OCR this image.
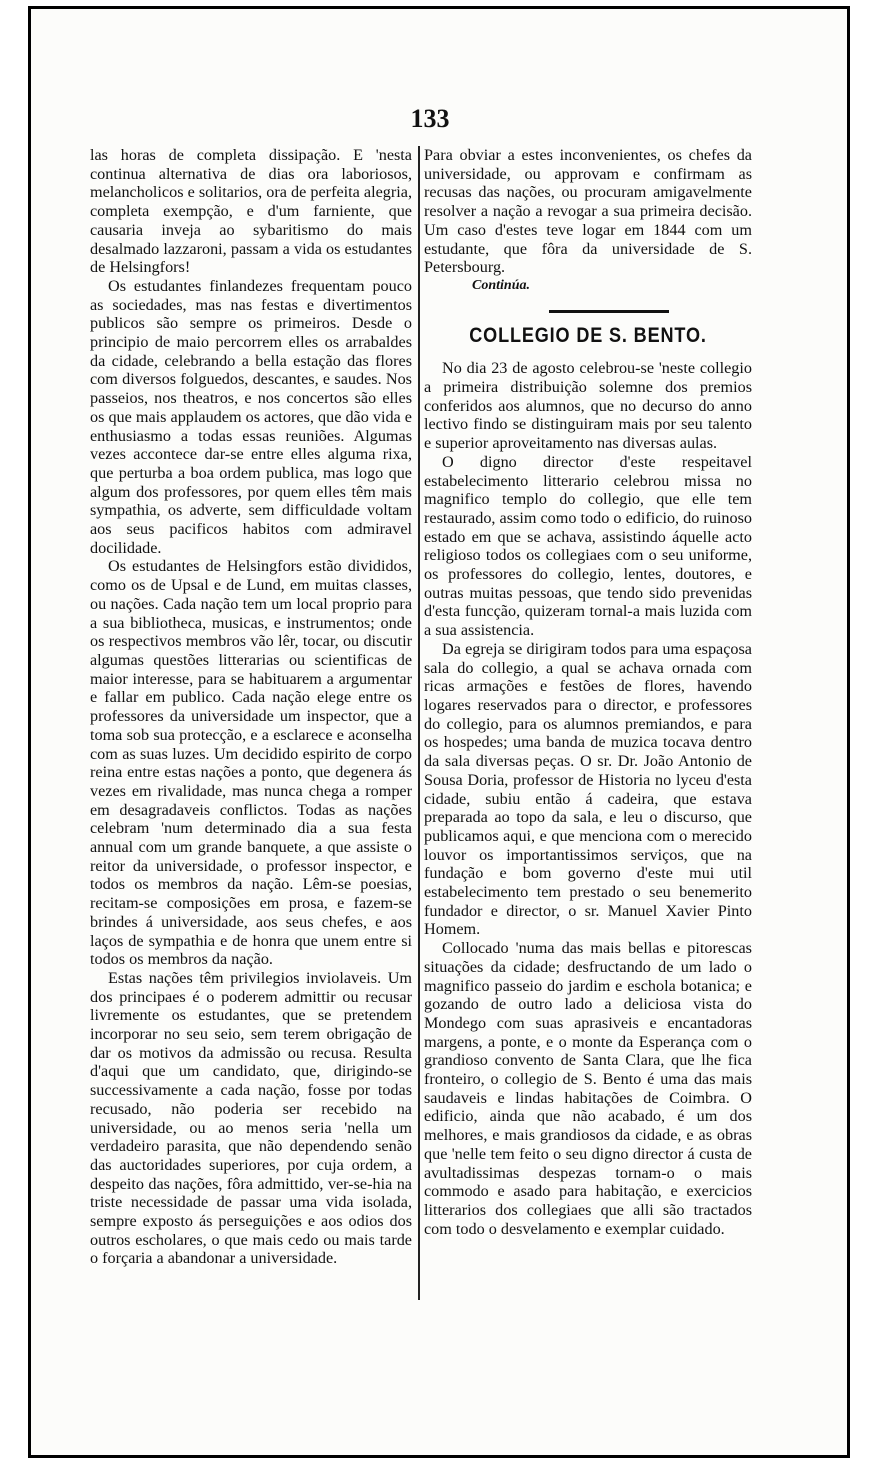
133

las horas de completa dissipação. E 'nesta continua alternativa de dias ora laboriosos, melancholicos e solitarios, ora de perfeita alegria, completa exempção, e d'um farniente, que causaria inveja ao sybaritismo do mais desalmado lazzaroni, passam a vida os estudantes de Helsingfors!

Os estudantes finlandezes frequentam pouco as sociedades, mas nas festas e divertimentos publicos são sempre os primeiros. Desde o principio de maio percorrem elles os arrabaldes da cidade, celebrando a bella estação das flores com diversos folguedos, descantes, e saudes. Nos passeios, nos theatros, e nos concertos são elles os que mais applaudem os actores, que dão vida e enthusiasmo a todas essas reuniões. Algumas vezes accontece dar-se entre elles alguma rixa, que perturba a boa ordem publica, mas logo que algum dos professores, por quem elles têm mais sympathia, os adverte, sem difficuldade voltam aos seus pacificos habitos com admiravel docilidade.

Os estudantes de Helsingfors estão divididos, como os de Upsal e de Lund, em muitas classes, ou nações. Cada nação tem um local proprio para a sua bibliotheca, musicas, e instrumentos; onde os respectivos membros vão lêr, tocar, ou discutir algumas questões litterarias ou scientificas de maior interesse, para se habituarem a argumentar e fallar em publico. Cada nação elege entre os professores da universidade um inspector, que a toma sob sua protecção, e a esclarece e aconselha com as suas luzes. Um decidido espirito de corpo reina entre estas nações a ponto, que degenera ás vezes em rivalidade, mas nunca chega a romper em desagradaveis conflictos. Todas as nações celebram 'num determinado dia a sua festa annual com um grande banquete, a que assiste o reitor da universidade, o professor inspector, e todos os membros da nação. Lêm-se poesias, recitam-se composições em prosa, e fazem-se brindes á universidade, aos seus chefes, e aos laços de sympathia e de honra que unem entre si todos os membros da nação.

Estas nações têm privilegios inviolaveis. Um dos principaes é o poderem admittir ou recusar livremente os estudantes, que se pretendem incorporar no seu seio, sem terem obrigação de dar os motivos da admissão ou recusa. Resulta d'aqui que um candidato, que, dirigindo-se successivamente a cada nação, fosse por todas recusado, não poderia ser recebido na universidade, ou ao menos seria 'nella um verdadeiro parasita, que não dependendo senão das auctoridades superiores, por cuja ordem, a despeito das nações, fôra admittido, ver-se-hia na triste necessidade de passar uma vida isolada, sempre exposto ás perseguições e aos odios dos outros escholares, o que mais cedo ou mais tarde o forçaria a abandonar a universidade.

Para obviar a estes inconvenientes, os chefes da universidade, ou approvam e confirmam as recusas das nações, ou procuram amigavelmente resolver a nação a revogar a sua primeira decisão. Um caso d'estes teve logar em 1844 com um estudante, que fôra da universidade de S. Petersbourg.

Continúa.

COLLEGIO DE S. BENTO.

No dia 23 de agosto celebrou-se 'neste collegio a primeira distribuição solemne dos premios conferidos aos alumnos, que no decurso do anno lectivo findo se distinguiram mais por seu talento e superior aproveitamento nas diversas aulas.

O digno director d'este respeitavel estabelecimento litterario celebrou missa no magnifico templo do collegio, que elle tem restaurado, assim como todo o edificio, do ruinoso estado em que se achava, assistindo áquelle acto religioso todos os collegiaes com o seu uniforme, os professores do collegio, lentes, doutores, e outras muitas pessoas, que tendo sido prevenidas d'esta funcção, quizeram tornal-a mais luzida com a sua assistencia.

Da egreja se dirigiram todos para uma espaçosa sala do collegio, a qual se achava ornada com ricas armações e festões de flores, havendo logares reservados para o director, e professores do collegio, para os alumnos premiandos, e para os hospedes; uma banda de muzica tocava dentro da sala diversas peças. O sr. Dr. João Antonio de Sousa Doria, professor de Historia no lyceu d'esta cidade, subiu então á cadeira, que estava preparada ao topo da sala, e leu o discurso, que publicamos aqui, e que menciona com o merecido louvor os importantissimos serviços, que na fundação e bom governo d'este mui util estabelecimento tem prestado o seu benemerito fundador e director, o sr. Manuel Xavier Pinto Homem.

Collocado 'numa das mais bellas e pitorescas situações da cidade; desfructando de um lado o magnifico passeio do jardim e eschola botanica; e gozando de outro lado a deliciosa vista do Mondego com suas aprasiveis e encantadoras margens, a ponte, e o monte da Esperança com o grandioso convento de Santa Clara, que lhe fica fronteiro, o collegio de S. Bento é uma das mais saudaveis e lindas habitações de Coimbra. O edificio, ainda que não acabado, é um dos melhores, e mais grandiosos da cidade, e as obras que 'nelle tem feito o seu digno director á custa de avultadissimas despezas tornam-o o mais commodo e asado para habitação, e exercicios litterarios dos collegiaes que alli são tractados com todo o desvelamento e exemplar cuidado.
